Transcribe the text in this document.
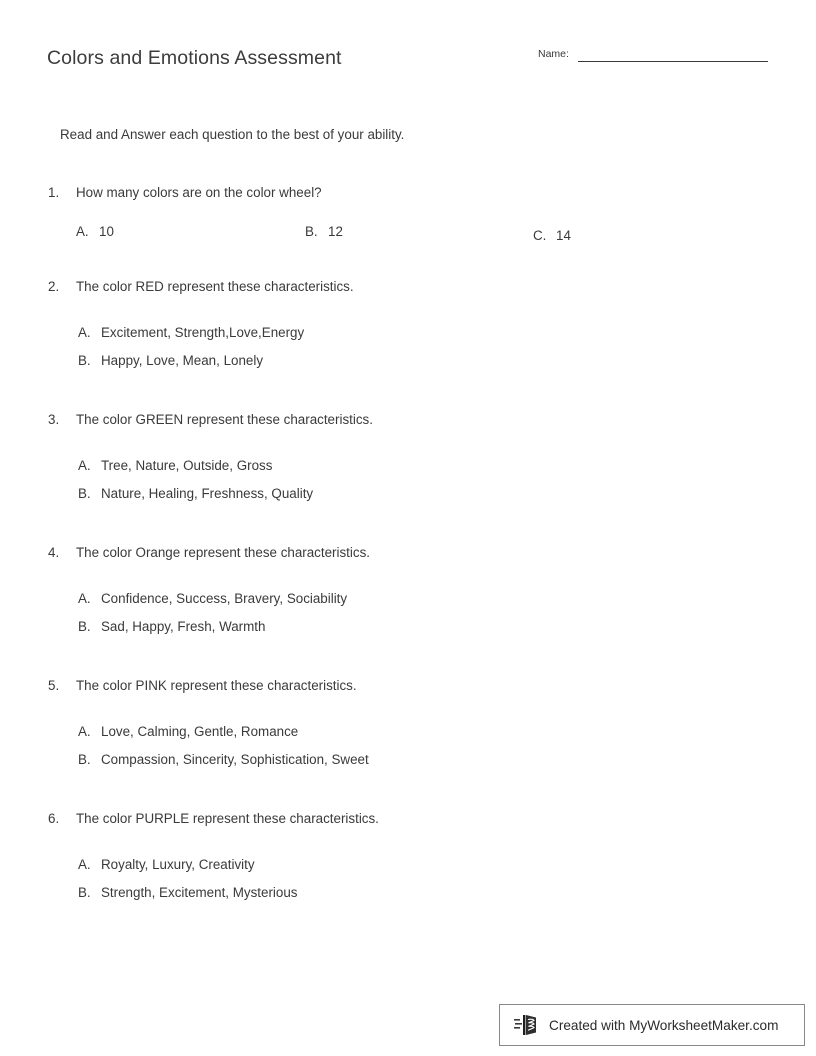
Colors and Emotions Assessment	Name:
Read and Answer each question to the best of your ability.
1. How many colors are on the color wheel?
A. 10	B. 12	C. 14
2. The color RED represent these characteristics.
A. Excitement, Strength,Love,Energy
B. Happy, Love, Mean, Lonely
3. The color GREEN represent these characteristics.
A. Tree, Nature, Outside, Gross
B. Nature, Healing, Freshness, Quality
4. The color Orange represent these characteristics.
A. Confidence, Success, Bravery, Sociability
B. Sad, Happy, Fresh, Warmth
5. The color PINK represent these characteristics.
A. Love, Calming, Gentle, Romance
B. Compassion, Sincerity, Sophistication, Sweet
6. The color PURPLE represent these characteristics.
A. Royalty, Luxury, Creativity
B. Strength, Excitement, Mysterious
Created with MyWorksheetMaker.com
